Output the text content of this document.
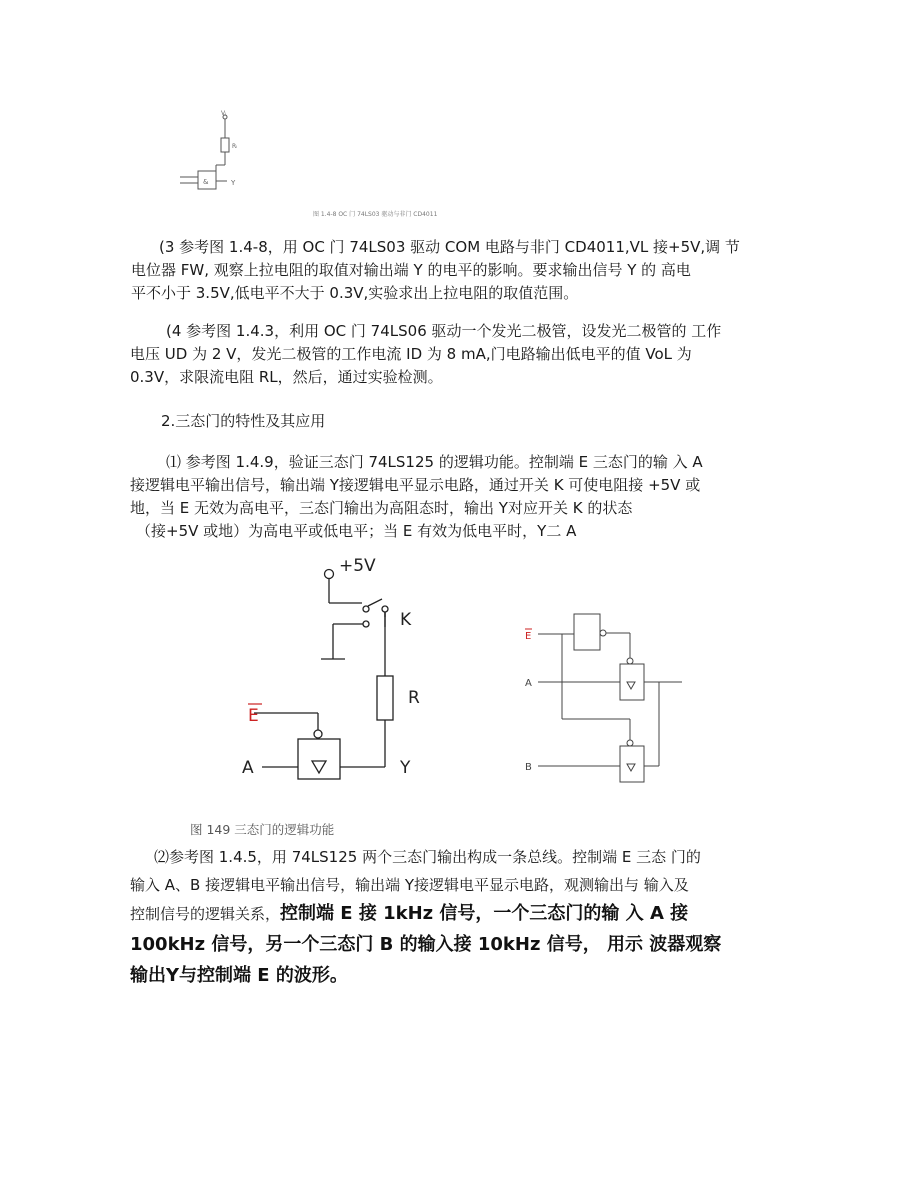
Vₗ
Rₗ
Y
&
图 1.4-8 OC 门 74LS03 驱动与非门 CD4011
(3 参考图 1.4-8，用 OC 门 74LS03 驱动 COM 电路与非门 CD4011,VL 接+5V,调 节
电位器 FW, 观察上拉电阻的取值对输出端 Y 的电平的影响。要求输出信号 Y 的 高电
平不小于 3.5V,低电平不大于 0.3V,实验求出上拉电阻的取值范围。
(4 参考图 1.4.3，利用 OC 门 74LS06 驱动一个发光二极管，设发光二极管的 工作
电压 UD 为 2 V，发光二极管的工作电流 ID 为 8 mA,门电路输出低电平的值 VoL 为
0.3V，求限流电阻 RL，然后，通过实验检测。
2.三态门的特性及其应用
⑴ 参考图 1.4.9，验证三态门 74LS125 的逻辑功能。控制端 E 三态门的输 入 A
接逻辑电平输出信号，输出端 Y接逻辑电平显示电路，通过开关 K 可使电阻接 +5V 或
地，当 E 无效为高电平，三态门输出为高阻态时，输出 Y对应开关 K 的状态
（接+5V 或地）为高电平或低电平；当 E 有效为低电平时，Y二 A
+5V
K
R
E
A	Y
E
A
B
图 149 三态门的逻辑功能
⑵参考图 1.4.5，用 74LS125 两个三态门输出构成一条总线。控制端 E 三态 门的
输入 A、B 接逻辑电平输出信号，输出端 Y接逻辑电平显示电路，观测输出与 输入及
控制信号的逻辑关系，控制端 E 接 1kHz 信号，一个三态门的输 入 A 接
100kHz 信号，另一个三态门 B 的输入接 10kHz 信号， 用示 波器观察
输出Y与控制端 E 的波形。
